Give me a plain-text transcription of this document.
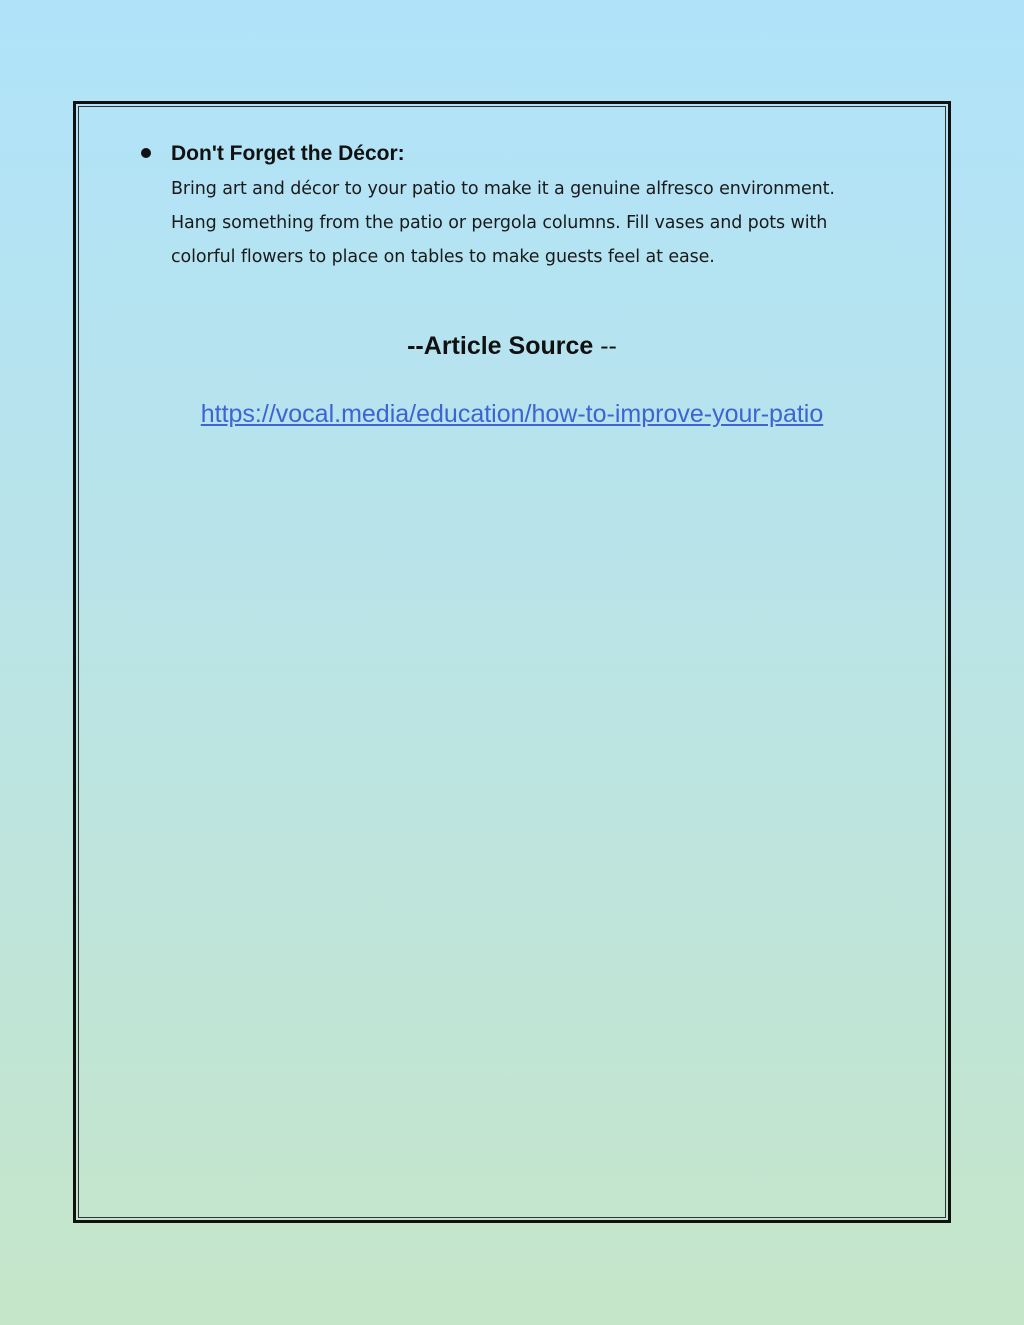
Don't Forget the Décor:

Bring art and décor to your patio to make it a genuine alfresco environment.
Hang something from the patio or pergola columns. Fill vases and pots with
colorful flowers to place on tables to make guests feel at ease.

--Article Source --

https://vocal.media/education/how-to-improve-your-patio
